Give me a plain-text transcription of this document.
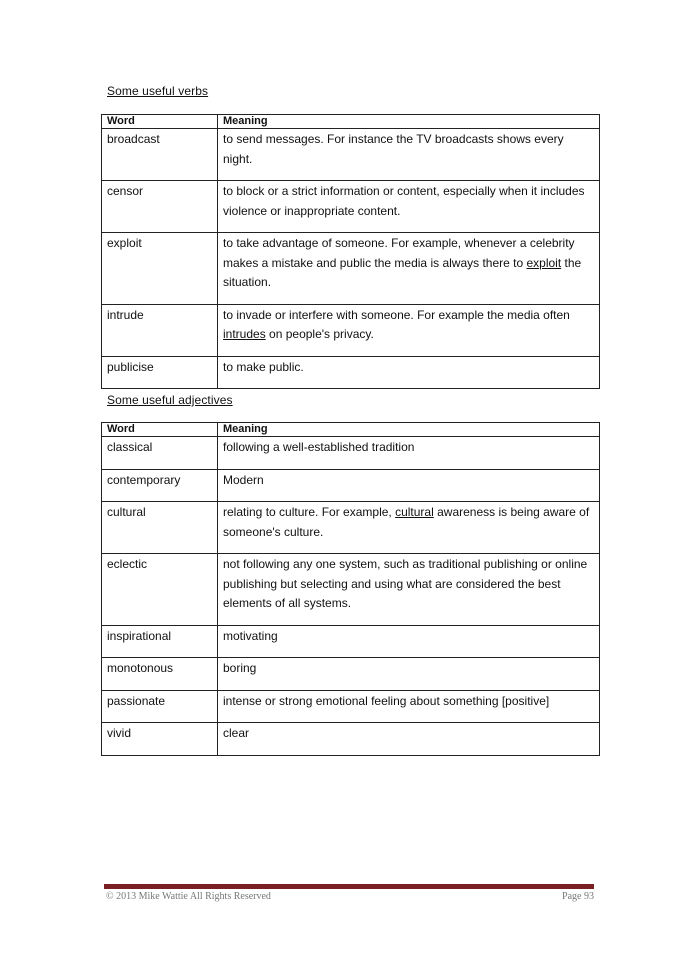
Some useful verbs
Word	Meaning
broadcast	to send messages. For instance the TV broadcasts shows every night.
censor	to block or a strict information or content, especially when it includes violence or inappropriate content.
exploit	to take advantage of someone. For example, whenever a celebrity makes a mistake and public the media is always there to exploit the situation.
intrude	to invade or interfere with someone. For example the media often intrudes on people's privacy.
publicise	to make public.
Some useful adjectives
Word	Meaning
classical	following a well-established tradition
contemporary	Modern
cultural	relating to culture. For example, cultural awareness is being aware of someone's culture.
eclectic	not following any one system, such as traditional publishing or online publishing but selecting and using what are considered the best elements of all systems.
inspirational	motivating
monotonous	boring
passionate	intense or strong emotional feeling about something [positive]
vivid	clear
© 2013 Mike Wattie All Rights Reserved	Page 93
